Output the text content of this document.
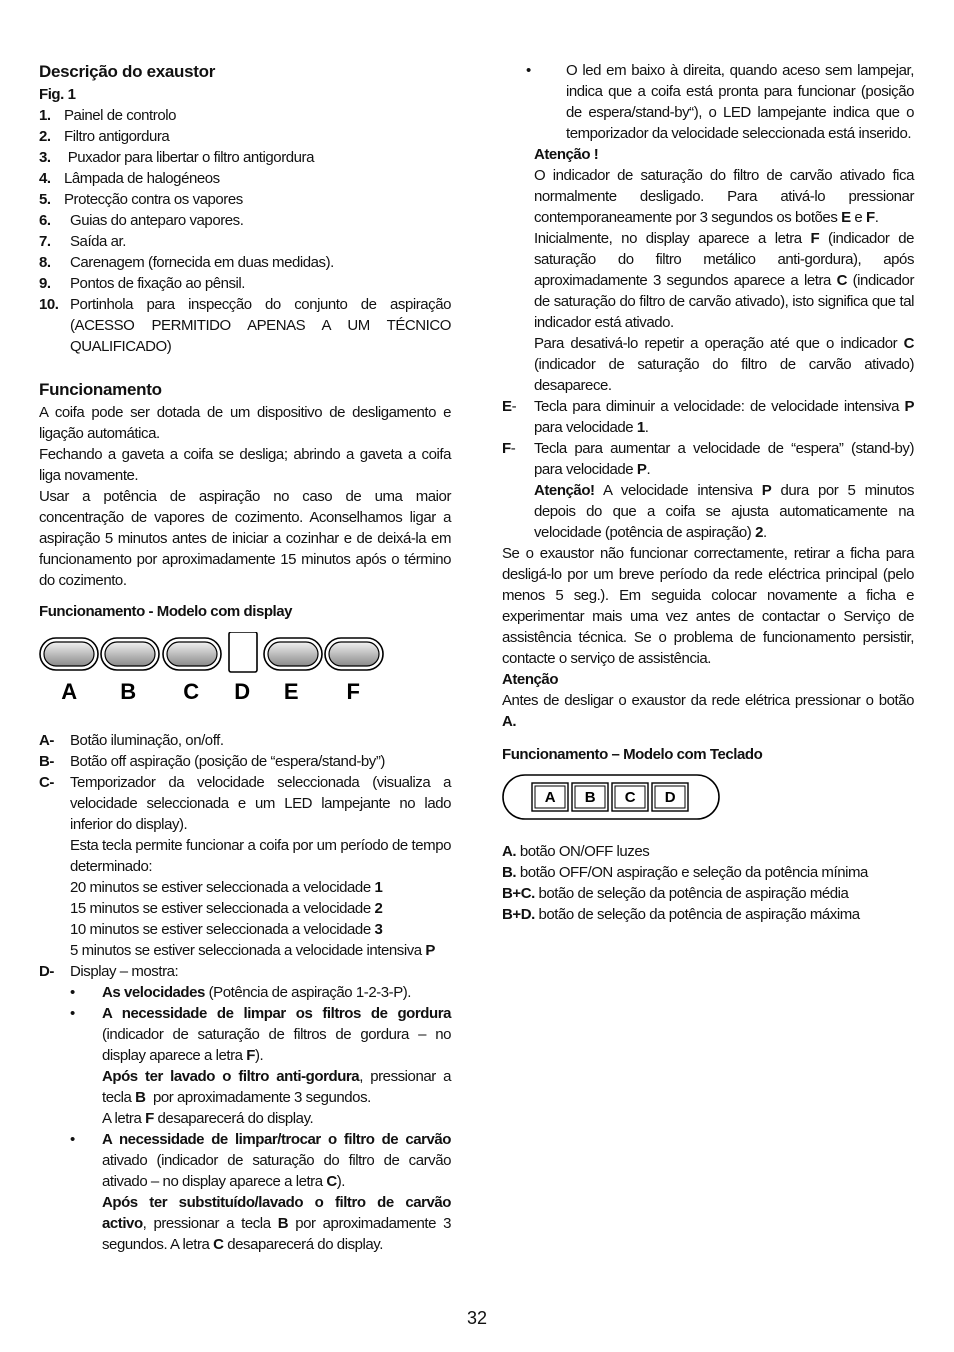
Descrição do exaustor
Fig. 1
1. Painel de controlo
2. Filtro antigordura
3. Puxador para libertar o filtro antigordura
4. Lâmpada de halogéneos
5. Protecção contra os vapores
6.	Guias do anteparo vapores.
7.	Saída ar.
8.	Carenagem (fornecida em duas medidas).
9.	Pontos de fixação ao pênsil.
10. Portinhola para inspecção do conjunto de aspiração (ACESSO PERMITIDO APENAS A UM TÉCNICO QUALIFICADO)
Funcionamento
A coifa pode ser dotada de um dispositivo de desligamento e ligação automática.
Fechando a gaveta a coifa se desliga; abrindo a gaveta a coifa liga novamente.
Usar a potência de aspiração no caso de uma maior concentração de vapores de cozimento. Aconselhamos ligar a aspiração 5 minutos antes de iniciar a cozinhar e de deixá-la em funcionamento por aproximadamente 15 minutos após o término do cozimento.
Funcionamento - Modelo com display
A B C D E F
A-	Botão iluminação, on/off.
B-	Botão off aspiração (posição de “espera/stand-by”)
C-	Temporizador da velocidade seleccionada (visualiza a velocidade seleccionada e um LED lampejante no lado inferior do display).
Esta tecla permite funcionar a coifa por um período de tempo determinado:
20 minutos se estiver seleccionada a velocidade 1
15 minutos se estiver seleccionada a velocidade 2
10 minutos se estiver seleccionada a velocidade 3
5 minutos se estiver seleccionada a velocidade intensiva P
D-	Display – mostra:
•	As velocidades (Potência de aspiração 1-2-3-P).
•	A necessidade de limpar os filtros de gordura (indicador de saturação de filtros de gordura – no display aparece a letra F).
Após ter lavado o filtro anti-gordura, pressionar a tecla B  por aproximadamente 3 segundos.
A letra F desaparecerá do display.
•	A necessidade de limpar/trocar o filtro de carvão ativado (indicador de saturação do filtro de carvão ativado – no display aparece a letra C).
Após ter substituído/lavado o filtro de carvão activo, pressionar a tecla B por aproximadamente 3 segundos. A letra C desaparecerá do display.
•	O led em baixo à direita, quando aceso sem lampejar, indica que a coifa está pronta para funcionar (posição de espera/stand-by“), o LED lampejante indica que o temporizador da velocidade seleccionada está inserido.
Atenção !
O indicador de saturação do filtro de carvão ativado fica normalmente desligado. Para ativá-lo pressionar contemporaneamente por 3 segundos os botões E e F.
Inicialmente, no display aparece a letra F (indicador de saturação do filtro metálico anti-gordura), após aproximadamente 3 segundos aparece a letra C (indicador de saturação do filtro de carvão ativado), isto significa que tal indicador está ativado.
Para desativá-lo repetir a operação até que o indicador C (indicador de saturação do filtro de carvão ativado) desaparece.
E-	Tecla para diminuir a velocidade: de velocidade intensiva P para velocidade 1.
F-	Tecla para aumentar a velocidade de “espera” (stand-by) para velocidade P.
Atenção! A velocidade intensiva P dura por 5 minutos depois do que a coifa se ajusta automaticamente na velocidade (potência de aspiração) 2.
Se o exaustor não funcionar correctamente, retirar a ficha para desligá-lo por um breve período da rede eléctrica principal (pelo menos 5 seg.). Em seguida colocar novamente a ficha e experimentar mais uma vez antes de contactar o Serviço de assistência técnica. Se o problema de funcionamento persistir, contacte o serviço de assistência.
Atenção
Antes de desligar o exaustor da rede elétrica pressionar o botão A.
Funcionamento – Modelo com Teclado
A B C D
A. botão ON/OFF luzes
B. botão OFF/ON aspiração e seleção da potência mínima
B+C. botão de seleção da potência de aspiração média
B+D. botão de seleção da potência de aspiração máxima
32
